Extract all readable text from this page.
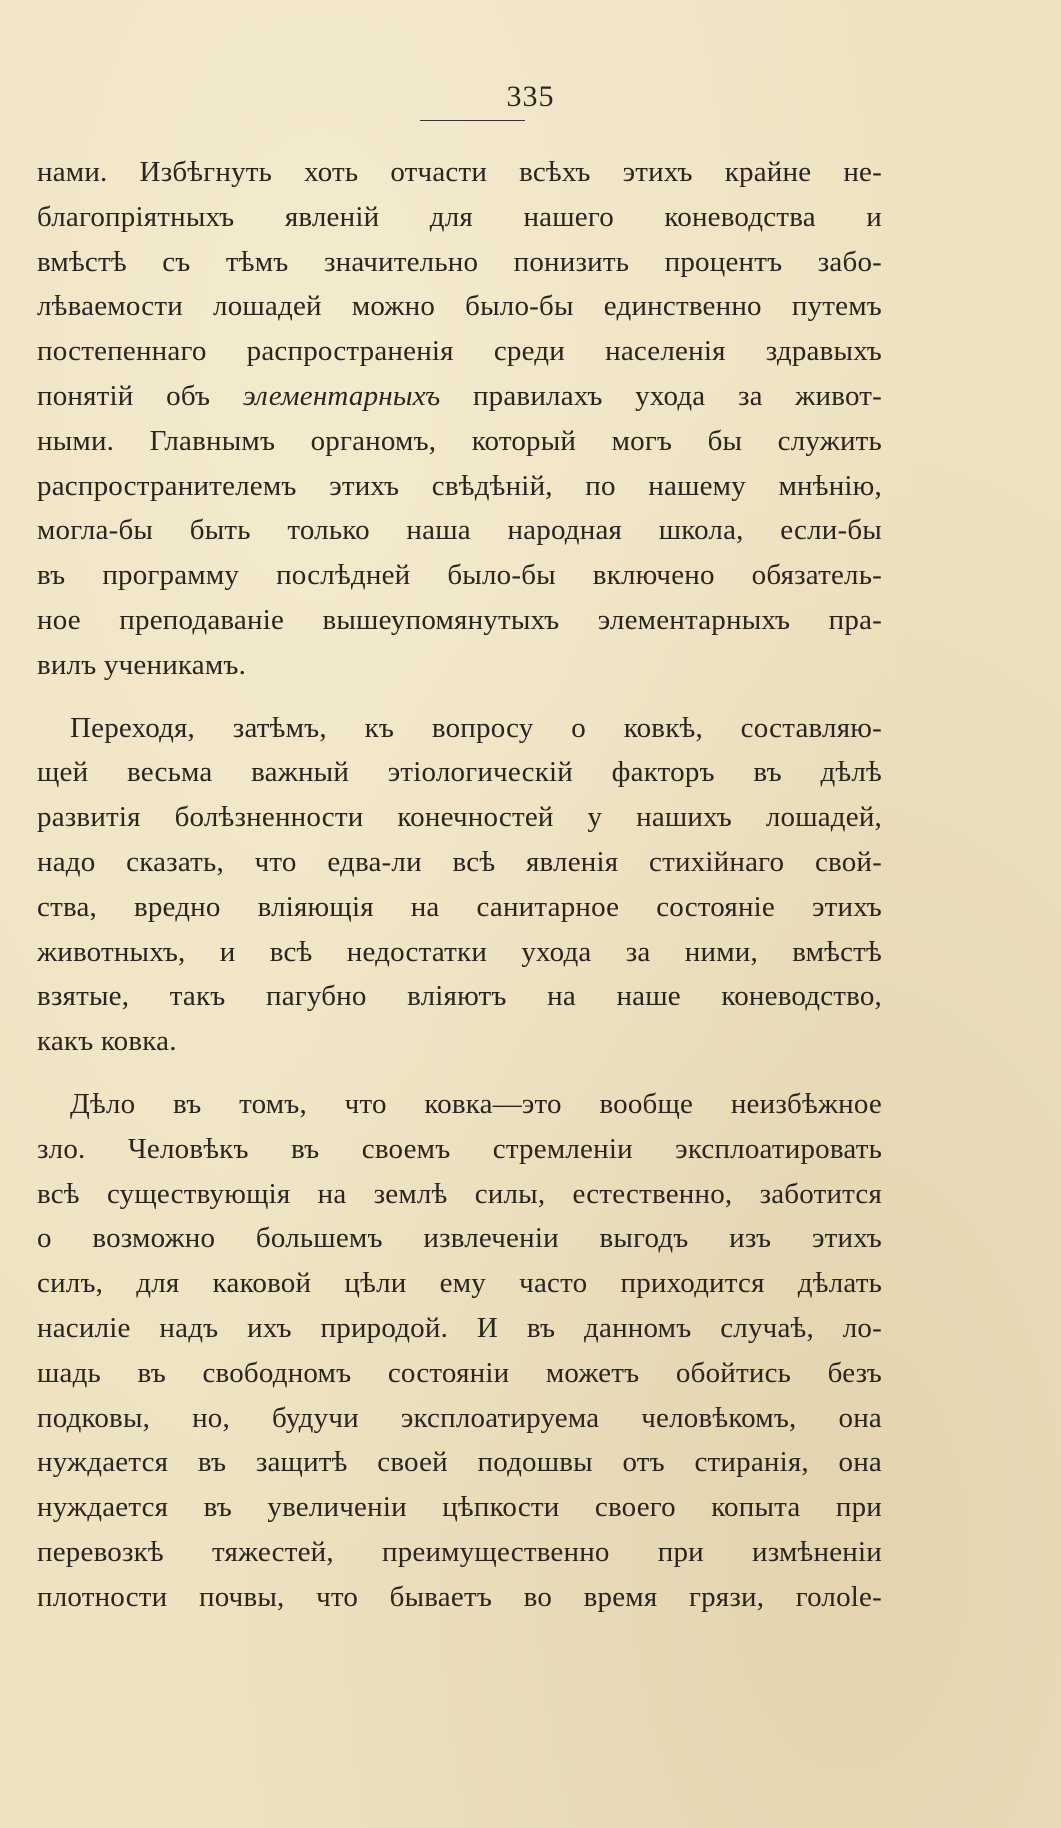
335
нами. Избѣгнуть хоть отчасти всѣхъ этихъ крайне не-
благопріятныхъ явленій для нашего коневодства и
вмѣстѣ съ тѣмъ значительно понизить процентъ забо-
лѣваемости лошадей можно было-бы единственно путемъ
постепеннаго распространенія среди населенія здравыхъ
понятій объ элементарныхъ правилахъ ухода за живот-
ными. Главнымъ органомъ, который могъ бы служить
распространителемъ этихъ свѣдѣній, по нашему мнѣнію,
могла-бы быть только наша народная школа, если-бы
въ программу послѣдней было-бы включено обязатель-
ное преподаваніе вышеупомянутыхъ элементарныхъ пра-
вилъ ученикамъ.
Переходя, затѣмъ, къ вопросу о ковкѣ, составляю-
щей весьма важный этіологическій факторъ въ дѣлѣ
развитія болѣзненности конечностей у нашихъ лошадей,
надо сказать, что едва-ли всѣ явленія стихійнаго свой-
ства, вредно вліяющія на санитарное состояніе этихъ
животныхъ, и всѣ недостатки ухода за ними, вмѣстѣ
взятые, такъ пагубно вліяютъ на наше коневодство,
какъ ковка.
Дѣло въ томъ, что ковка—это вообще неизбѣжное
зло. Человѣкъ въ своемъ стремленіи эксплоатировать
всѣ существующія на землѣ силы, естественно, заботится
о возможно большемъ извлеченіи выгодъ изъ этихъ
силъ, для каковой цѣли ему часто приходится дѣлать
насиліе надъ ихъ природой. И въ данномъ случаѣ, ло-
шадь въ свободномъ состояніи можетъ обойтись безъ
подковы, но, будучи эксплоатируема человѣкомъ, она
нуждается въ защитѣ своей подошвы отъ стиранія, она
нуждается въ увеличеніи цѣпкости своего копыта при
перевозкѣ тяжестей, преимущественно при измѣненіи
плотности почвы, что бываетъ во время грязи, голole-
